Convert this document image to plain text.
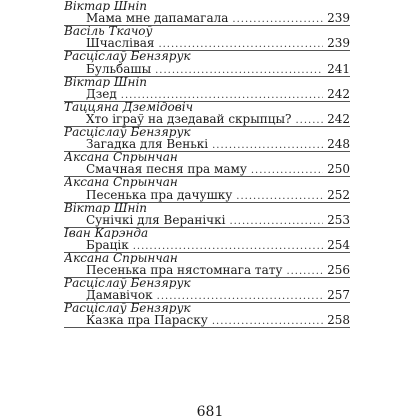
Віктар Шніп
Мама мне дапамагала .....	239
Васіль Ткачоў
Шчаслівая .....	239
Расціслаў Бензярук
Бульбашы .....	241
Віктар Шніп
Дзед .....	242
Таццяна Дземідовіч
Хто іграў на дзедавай скрыпцы? .....	242
Расціслаў Бензярук
Загадка для Венькі .....	248
Аксана Спрынчан
Смачная песня пра маму .....	250
Аксана Спрынчан
Песенька пра дачушку .....	252
Віктар Шніп
Сунічкі для Веранічкі .....	253
Іван Карэнда
Брацік .....	254
Аксана Спрынчан
Песенька пра нястомнага тату .....	256
Расціслаў Бензярук
Дамавічок .....	257
Расціслаў Бензярук
Казка пра Параску .....	258
681
